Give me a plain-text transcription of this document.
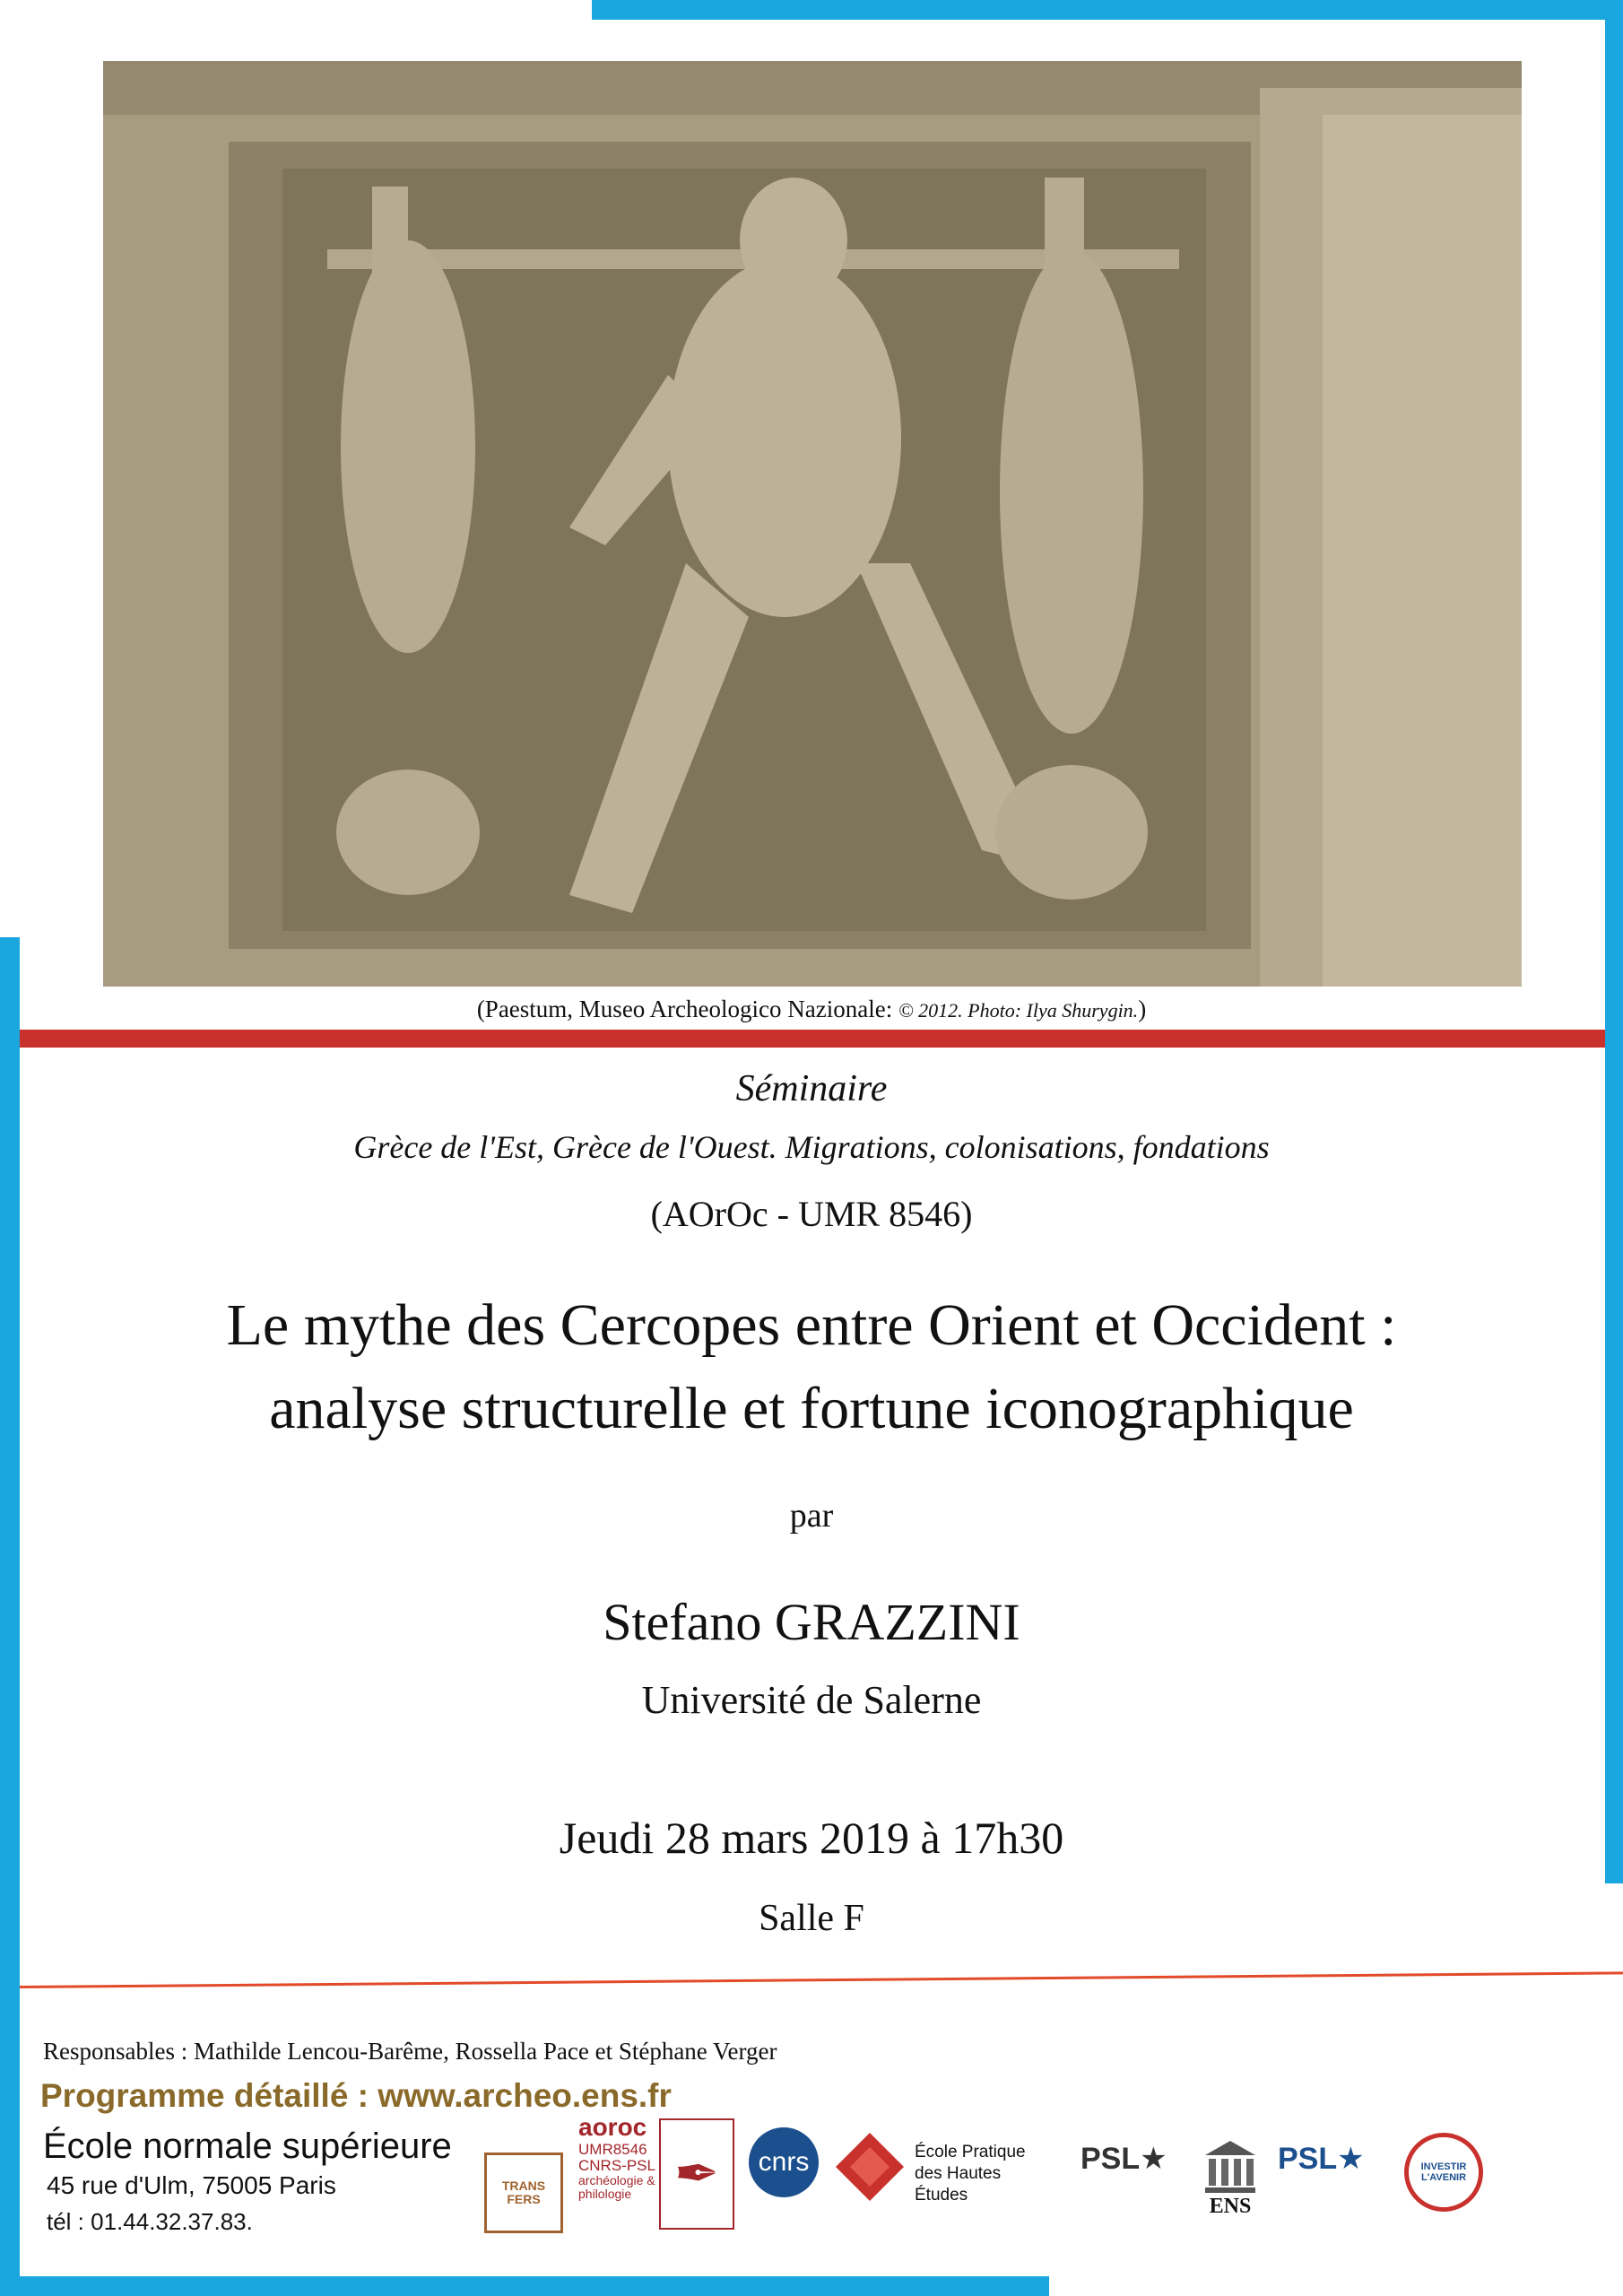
(Paestum, Museo Archeologico Nazionale: © 2012. Photo: Ilya Shurygin.)
Séminaire
Grèce de l'Est, Grèce de l'Ouest. Migrations, colonisations, fondations
(AOrOc - UMR 8546)
Le mythe des Cercopes entre Orient et Occident :
analyse structurelle et fortune iconographique
par
Stefano GRAZZINI
Université de Salerne
Jeudi 28 mars 2019 à 17h30
Salle F
Responsables : Mathilde Lencou-Barême, Rossella Pace et Stéphane Verger
Programme détaillé : www.archeo.ens.fr
École normale supérieure
45 rue d'Ulm, 75005 Paris
tél : 01.44.32.37.83.
TRANS FERS
aoroc
UMR8546 CNRS-PSL
archéologie & philologie ✒	cnrs	École Pratique
des Hautes Études
PSL★
ENS
PSL★	INVESTIR L'AVENIR
